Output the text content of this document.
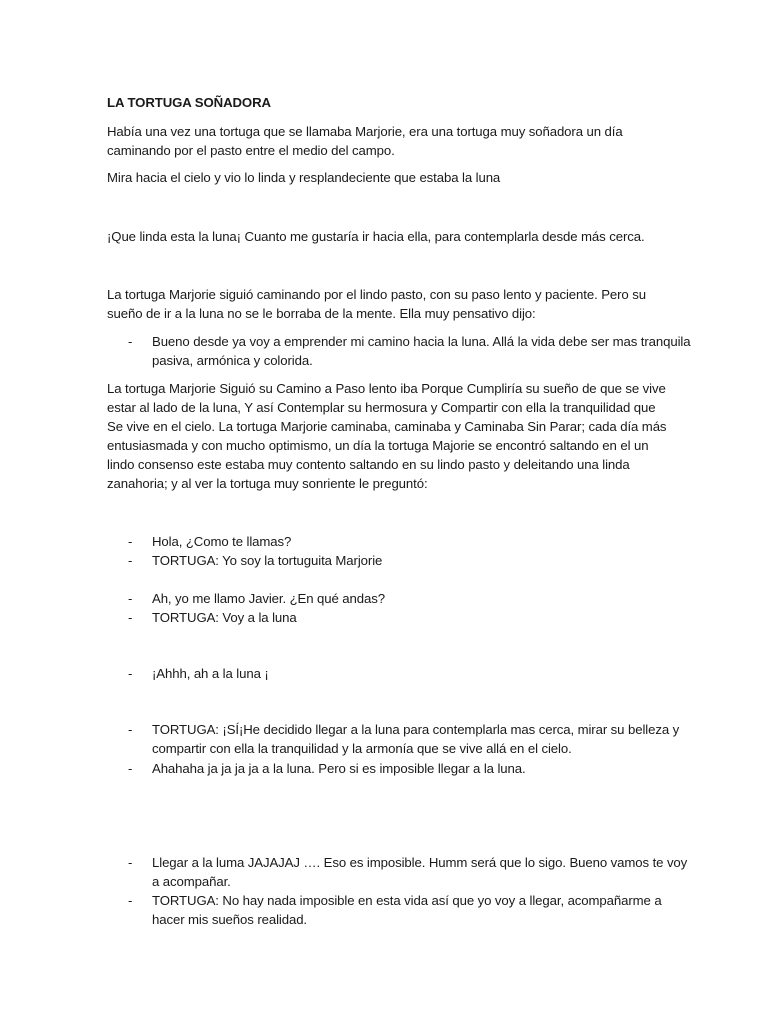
LA TORTUGA SOÑADORA

Había una vez una tortuga que se llamaba Marjorie, era una tortuga muy soñadora un día caminando por el pasto entre el medio del campo.

Mira hacia el cielo y vio lo linda y resplandeciente que estaba la luna

¡Que linda esta la luna¡ Cuanto me gustaría ir hacia ella, para contemplarla desde más cerca.

La tortuga Marjorie siguió caminando por el lindo pasto, con su paso lento y paciente. Pero su sueño de ir a la luna no se le borraba de la mente. Ella muy pensativo dijo:

- Bueno desde ya voy a emprender mi camino hacia la luna. Allá la vida debe ser mas tranquila pasiva, armónica y colorida.

La tortuga Marjorie Siguió su Camino a Paso lento iba Porque Cumpliría su sueño de que se vive estar al lado de la luna, Y así Contemplar su hermosura y Compartir con ella la tranquilidad que Se vive en el cielo. La tortuga Marjorie caminaba, caminaba y Caminaba Sin Parar; cada día más entusiasmada y con mucho optimismo, un día la tortuga Majorie se encontró saltando en el un lindo consenso este estaba muy contento saltando en su lindo pasto y deleitando una linda zanahoria; y al ver la tortuga muy sonriente le preguntó:

- Hola, ¿Como te llamas?

- TORTUGA: Yo soy la tortuguita Marjorie

- Ah, yo me llamo Javier. ¿En qué andas?

- TORTUGA: Voy a la luna

- ¡Ahhh, ah a la luna ¡

- TORTUGA: ¡SÍ¡He decidido llegar a la luna para contemplarla mas cerca, mirar su belleza y compartir con ella la tranquilidad y la armonía que se vive allá en el cielo.

- Ahahaha ja ja ja ja a la luna. Pero si es imposible llegar a la luna.

- Llegar a la luma JAJAJAJ …. Eso es imposible. Humm será que lo sigo. Bueno vamos te voy a acompañar.

- TORTUGA: No hay nada imposible en esta vida así que yo voy a llegar, acompañarme a hacer mis sueños realidad.
